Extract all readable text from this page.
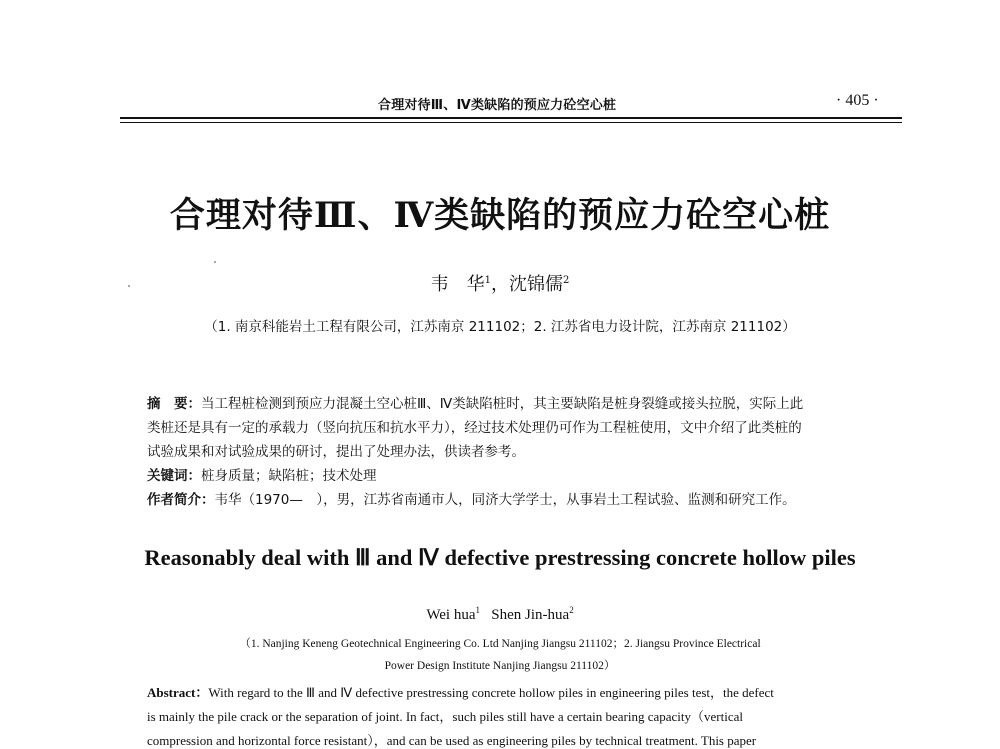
合理对待Ⅲ、Ⅳ类缺陷的预应力砼空心桩	· 405 ·
合理对待Ⅲ、Ⅳ类缺陷的预应力砼空心桩
韦　华$^1$，沈锦儒$^2$
（1. 南京科能岩土工程有限公司，江苏南京 211102；2. 江苏省电力设计院，江苏南京 211102）
摘　要：当工程桩检测到预应力混凝土空心桩Ⅲ、Ⅳ类缺陷桩时，其主要缺陷是桩身裂缝或接头拉脱，实际上此
类桩还是具有一定的承载力（竖向抗压和抗水平力），经过技术处理仍可作为工程桩使用，文中介绍了此类桩的
试验成果和对试验成果的研讨，提出了处理办法，供读者参考。
关键词：桩身质量；缺陷桩；技术处理
作者简介：韦华（1970—　），男，江苏省南通市人，同济大学学士，从事岩土工程试验、监测和研究工作。
Reasonably deal with Ⅲ and Ⅳ defective prestressing concrete hollow piles
Wei hua$^1$ Shen Jin-hua$^2$
（1. Nanjing Keneng Geotechnical Engineering Co. Ltd Nanjing Jiangsu 211102；2. Jiangsu Province Electrical
Power Design Institute Nanjing Jiangsu 211102）
Abstract：With regard to the Ⅲ and Ⅳ defective prestressing concrete hollow piles in engineering piles test，the defect
is mainly the pile crack or the separation of joint. In fact，such piles still have a certain bearing capacity（vertical
compression and horizontal force resistant），and can be used as engineering piles by technical treatment. This paper
